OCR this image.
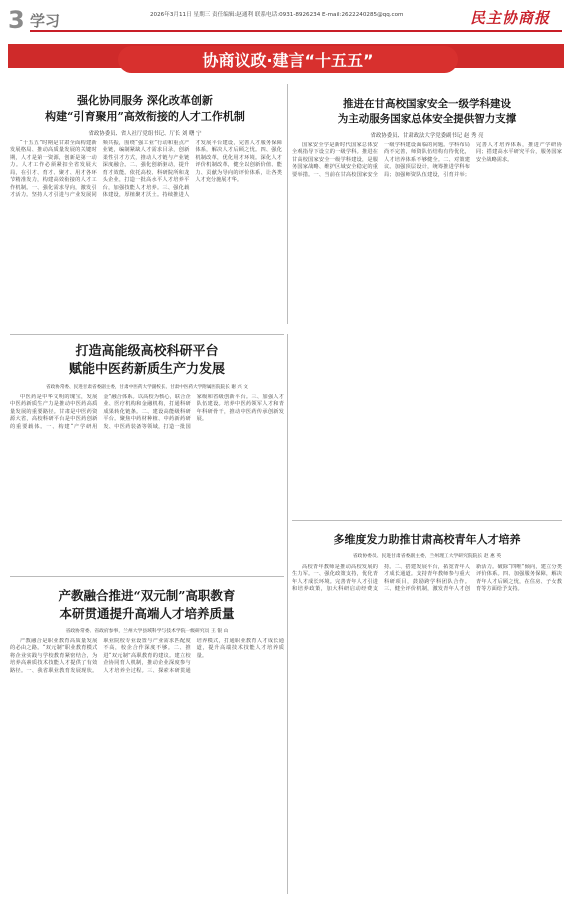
3 学习	2026年3月11日 星期三 责任编辑:赵通利 联系电话:0931-8926234 E-mail:2622240285@qq.com	民主协商报
协商议政·建言“十五五”
强化协同服务 深化改革创新
构建“引育聚用”高效衔接的人才工作机制
省政协委员、省人社厅党组书记、厅长 刘 曙 宁

“十五五”时期是甘肃全面构建新发展格局、推动高质量发展的关键时期，人才是第一资源，创新是第一动力。人才工作必须紧扣全省发展大局，在引才、育才、聚才、用才各环节精准发力，构建高效衔接的人才工作机制。一、强化需求导向，激发引才活力。坚持人才引进与产业发展同频共振，围绕“强工业”行动和重点产业链，编制紧缺人才需求目录，创新柔性引才方式，推动人才链与产业链深度融合。二、强化创新驱动，提升育才效能。依托高校、科研院所和龙头企业，打造一批高水平人才培养平台，加强技能人才培养。三、强化载体建设，厚植聚才沃土。持续推进人才发展平台建设，完善人才服务保障体系，解决人才后顾之忧。四、强化机制改革，优化用才环境。深化人才评价机制改革，健全以创新价值、能力、贡献为导向的评价体系，让各类人才充分施展才华。

推进在甘高校国家安全一级学科建设
为主动服务国家总体安全提供智力支撑
省政协委员、甘肃政法大学党委副书记 赵 秀 亮

国家安全学是新时代国家总体安全观指导下设立的一级学科。推进在甘高校国家安全一级学科建设，是服务国家战略、维护区域安全稳定的重要举措。一、当前在甘高校国家安全一级学科建设面临的问题。学科布局尚不完善，师资队伍结构有待优化，人才培养体系不够健全。二、对策建议。加强顶层设计，统筹推进学科布局；加强师资队伍建设，引育并举；完善人才培养体系，推进产学研协同；搭建高水平研究平台，服务国家安全战略需求。

打造高能级高校科研平台
赋能中医药新质生产力发展
省政协常委、民进甘肃省委副主委，甘肃中医药大学副校长、甘肃中医药大学附属医院院长 谢 兴 文

中医药是中华文明的瑰宝，发展中医药新质生产力是推动中医药高质量发展的重要路径。甘肃是中医药资源大省，高校科研平台是中医药创新的重要载体。一、构建“产学研用金”融合体系。以高校为核心，联合企业、医疗机构和金融机构，打通科研成果转化链条。二、建设高能级科研平台。聚焦中药材种植、中药新药研发、中医药装备等领域，打造一批国家级和省级创新平台。三、加强人才队伍建设。培养中医药领军人才和青年科研骨干，推动中医药传承创新发展。

多维度发力助推甘肃高校青年人才培养
省政协委员、民进甘肃省委副主委，兰州理工大学研究院院长 赵 惠 英

高校青年教师是推动高校发展的生力军。一、强化政策支持，优化青年人才成长环境。完善青年人才引进和培养政策，加大科研启动经费支持。二、搭建发展平台，拓宽青年人才成长通道。支持青年教师参与重大科研项目，鼓励跨学科团队合作。三、健全评价机制，激发青年人才创新活力。破除“四唯”倾向，建立分类评价体系。四、加强服务保障，解决青年人才后顾之忧，在住房、子女教育等方面给予支持。

产教融合推进“双元制”高职教育
本研贯通提升高端人才培养质量
省政协常委、省政府参事，兰州大学县域科学与技术学院一级研究员 王 银 山

产教融合是职业教育高质量发展的必由之路。“双元制”职业教育模式将企业实践与学校教育紧密结合，为培养高素质技术技能人才提供了有效路径。一、我省职业教育发展现状。职业院校专业设置与产业需求匹配度不高，校企合作深度不够。二、推进“双元制”高职教育的建议。建立校企协同育人机制，推动企业深度参与人才培养全过程。三、探索本研贯通培养模式，打通职业教育人才成长通道，提升高端技术技能人才培养质量。
